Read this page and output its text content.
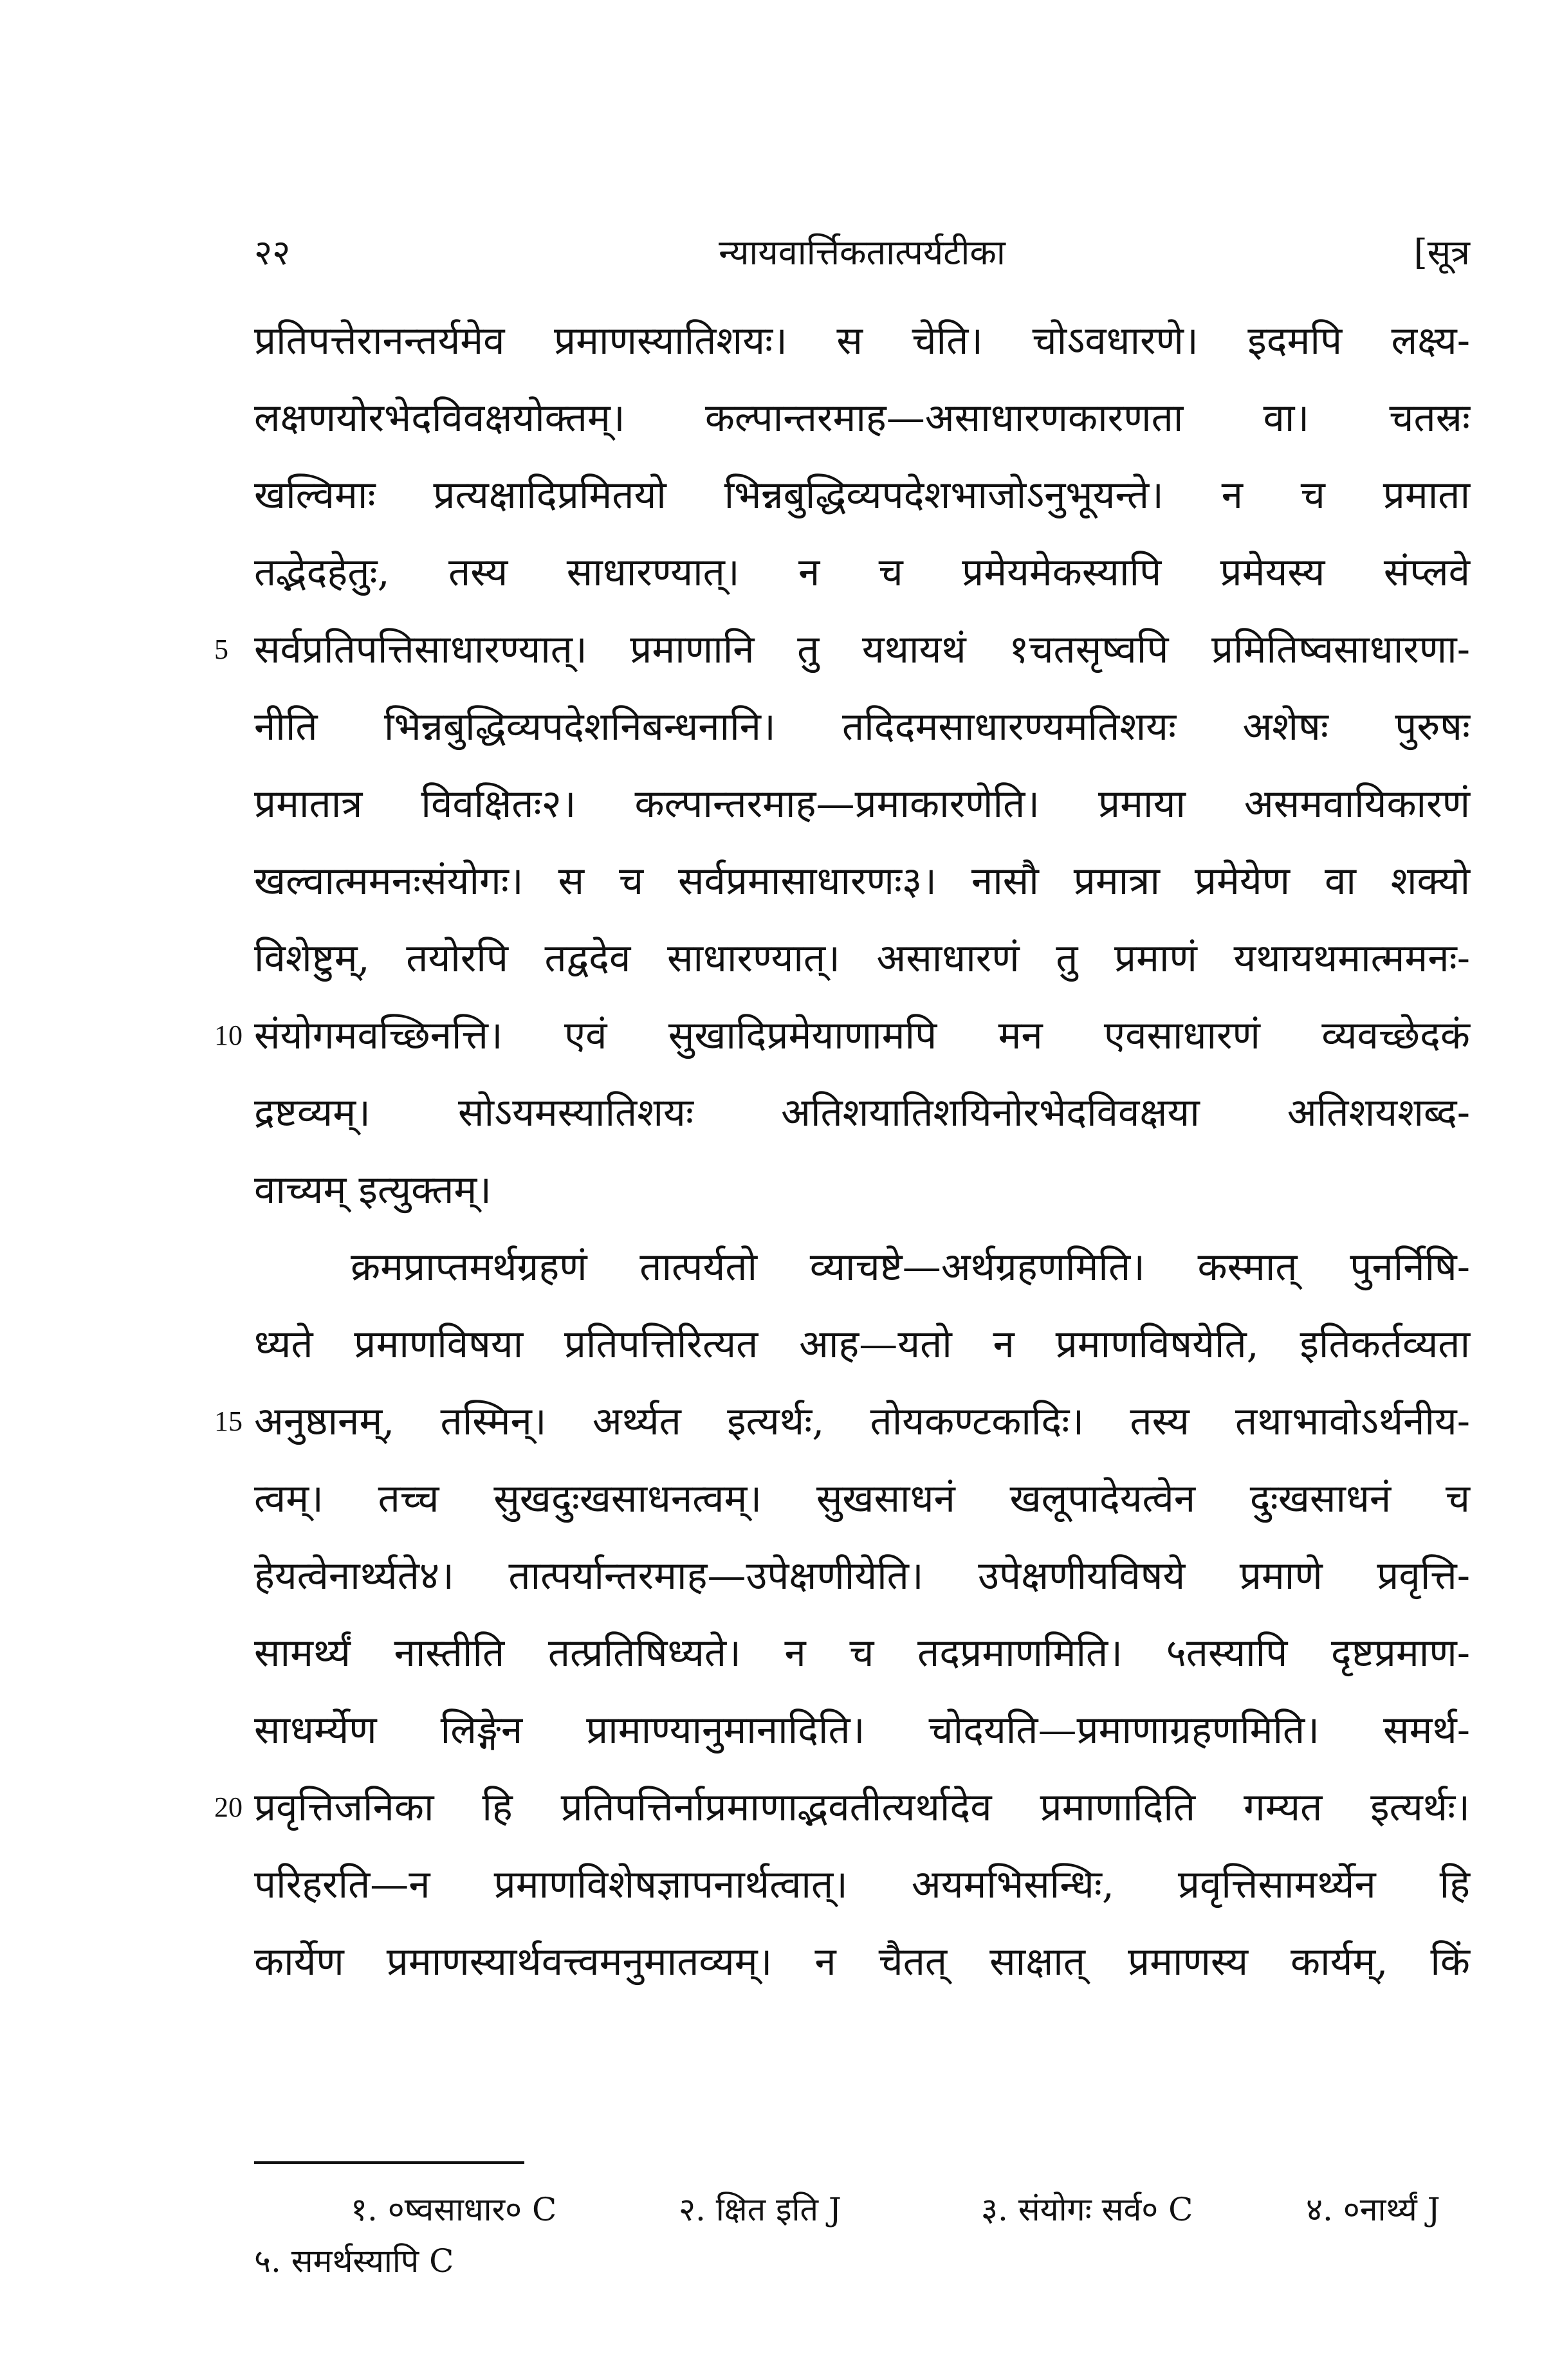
२२	न्यायवार्त्तिकतात्पर्यटीका	[सूत्र
प्रतिपत्तेरानन्तर्यमेव प्रमाणस्यातिशयः। स चेति। चोऽवधारणे। इदमपि लक्ष्य-
लक्षणयोरभेदविवक्षयोक्तम्। कल्पान्तरमाह—असाधारणकारणता वा। चतस्रः
खल्विमाः प्रत्यक्षादिप्रमितयो भिन्नबुद्धिव्यपदेशभाजोऽनुभूयन्ते। न च प्रमाता
तद्भेदहेतुः, तस्य साधारण्यात्। न च प्रमेयमेकस्यापि प्रमेयस्य संप्लवे
5 सर्वप्रतिपत्तिसाधारण्यात्। प्रमाणानि तु यथायथं १चतसृष्वपि प्रमितिष्वसाधारणा-
नीति भिन्नबुद्धिव्यपदेशनिबन्धनानि। तदिदमसाधारण्यमतिशयः अशेषः पुरुषः
प्रमातात्र विवक्षितः२। कल्पान्तरमाह—प्रमाकारणेति। प्रमाया असमवायिकारणं
खल्वात्ममनःसंयोगः। स च सर्वप्रमासाधारणः३। नासौ प्रमात्रा प्रमेयेण वा शक्यो
विशेष्टुम्, तयोरपि तद्वदेव साधारण्यात्। असाधारणं तु प्रमाणं यथायथमात्ममनः-
10 संयोगमवच्छिनत्ति। एवं सुखादिप्रमेयाणामपि मन एवसाधारणं व्यवच्छेदकं
द्रष्टव्यम्। सोऽयमस्यातिशयः अतिशयातिशयिनोरभेदविवक्षया अतिशयशब्द-
वाच्यम् इत्युक्तम्।
क्रमप्राप्तमर्थग्रहणं तात्पर्यतो व्याचष्टे—अर्थग्रहणमिति। कस्मात् पुनर्निषि-
ध्यते प्रमाणविषया प्रतिपत्तिरित्यत आह—यतो न प्रमाणविषयेति, इतिकर्तव्यता
15 अनुष्ठानम्, तस्मिन्। अर्थ्यत इत्यर्थः, तोयकण्टकादिः। तस्य तथाभावोऽर्थनीय-
त्वम्। तच्च सुखदुःखसाधनत्वम्। सुखसाधनं खलूपादेयत्वेन दुःखसाधनं च
हेयत्वेनार्थ्यते४। तात्पर्यान्तरमाह—उपेक्षणीयेति। उपेक्षणीयविषये प्रमाणे प्रवृत्ति-
सामर्थ्यं नास्तीति तत्प्रतिषिध्यते। न च तदप्रमाणमिति। ५तस्यापि दृष्टप्रमाण-
साधर्म्येण लिङ्गेन प्रामाण्यानुमानादिति। चोदयति—प्रमाणाग्रहणमिति। समर्थ-
20 प्रवृत्तिजनिका हि प्रतिपत्तिर्नाप्रमाणाद्भवतीत्यर्थादेव प्रमाणादिति गम्यत इत्यर्थः।
परिहरति—न प्रमाणविशेषज्ञापनार्थत्वात्। अयमभिसन्धिः, प्रवृत्तिसामर्थ्येन हि
कार्येण प्रमाणस्यार्थवत्त्वमनुमातव्यम्। न चैतत् साक्षात् प्रमाणस्य कार्यम्, किं
१. ०ष्वसाधार० C	२. क्षित इति J	३. संयोगः सर्व० C	४. ०नार्थ्यं J
५. समर्थस्यापि C
